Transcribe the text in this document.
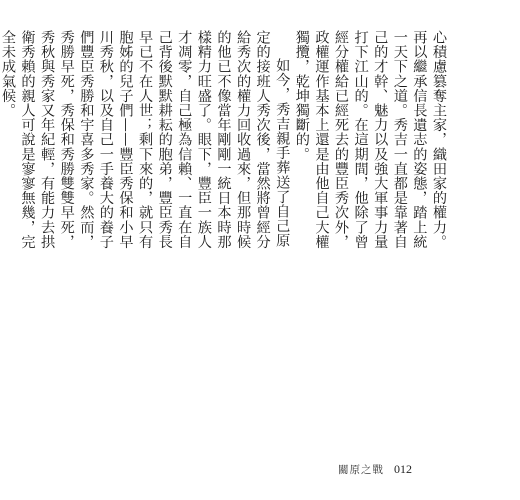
心積慮篡奪主家，織田家的權力。再以繼承信長遺志的姿態，踏上統一天下之道。秀吉一直都是靠著自己的才幹、魅力以及強大軍事力量打下江山的。在這期間，他除了曾經分權給已經死去的豐臣秀次外，政權運作基本上還是由他自己大權獨攬，乾坤獨斷的。

如今，秀吉親手葬送了自己原定的接班人秀次後，當然將曾經分給秀次的權力回收過來，但那時候的他已不像當年剛剛一統日本時那樣精力旺盛了。眼下，豐臣一族人才凋零，自己極為信賴、一直在自己背後默默耕耘的胞弟，豐臣秀長早已不在人世；剩下來的，就只有胞姊的兒子們——豐臣秀保和小早川秀秋，以及自己一手養大的養子們豐臣秀勝和宇喜多秀家。然而，秀勝早死，秀保和秀勝雙雙早死，秀秋與秀家又年紀輕，有能力去拱衛秀賴的親人可說是寥寥無幾，完全未成氣候。

關原之戰 012
